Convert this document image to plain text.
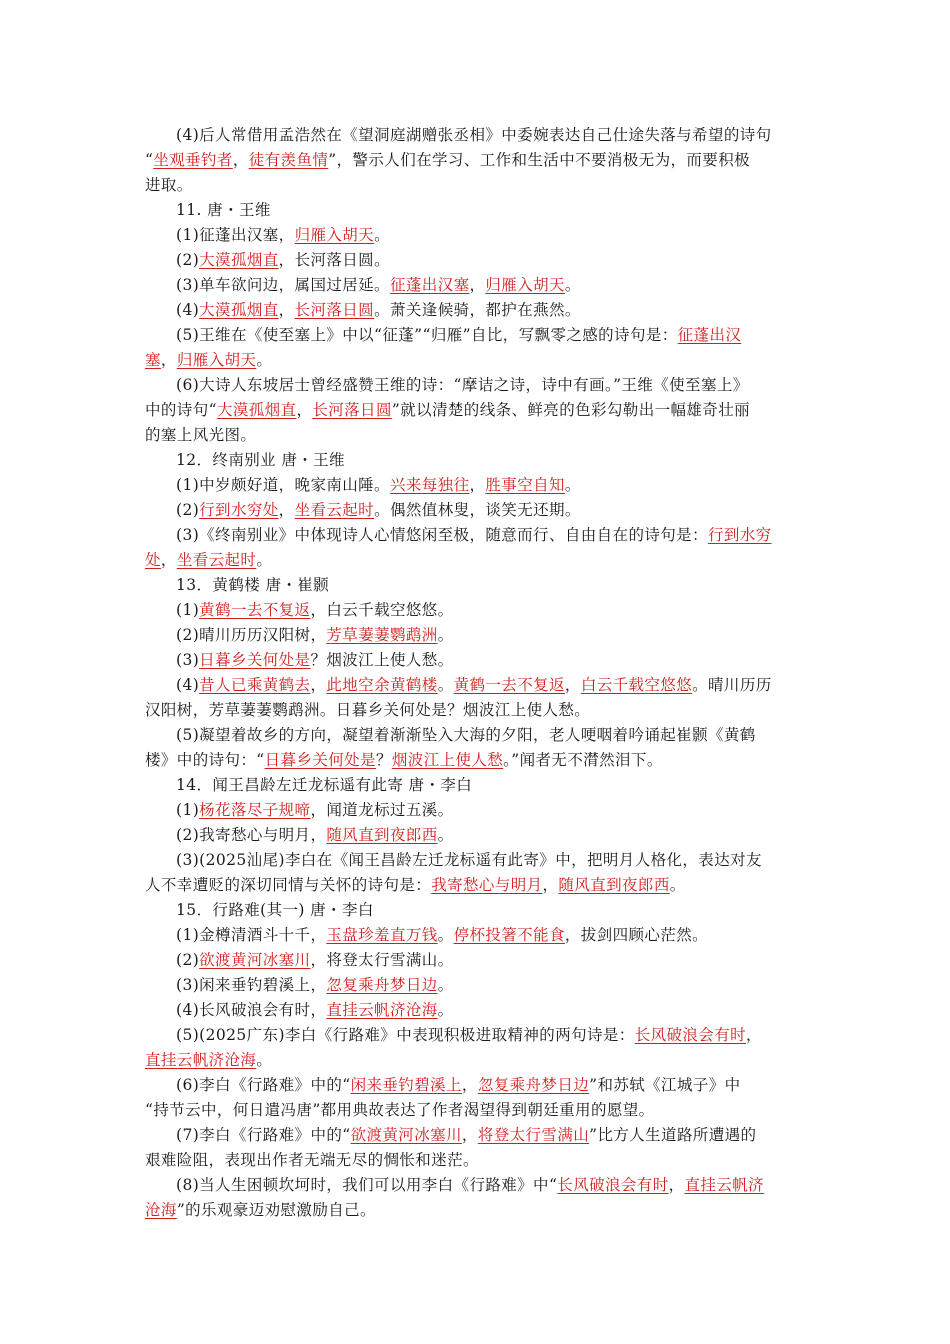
(4)后人常借用孟浩然在《望洞庭湖赠张丞相》中委婉表达自己仕途失落与希望的诗句
“坐观垂钓者，徒有羡鱼情”，警示人们在学习、工作和生活中不要消极无为，而要积极
进取。
11. 唐・王维
(1)征蓬出汉塞，归雁入胡天。
(2)大漠孤烟直，长河落日圆。
(3)单车欲问边，属国过居延。征蓬出汉塞，归雁入胡天。
(4)大漠孤烟直，长河落日圆。萧关逢候骑，都护在燕然。
(5)王维在《使至塞上》中以“征蓬”“归雁”自比，写飘零之感的诗句是：征蓬出汉
塞，归雁入胡天。
(6)大诗人东坡居士曾经盛赞王维的诗：“摩诘之诗，诗中有画。”王维《使至塞上》
中的诗句“大漠孤烟直，长河落日圆”就以清楚的线条、鲜亮的色彩勾勒出一幅雄奇壮丽
的塞上风光图。
12．终南别业 唐・王维
(1)中岁颇好道，晚家南山陲。兴来每独往，胜事空自知。
(2)行到水穷处，坐看云起时。偶然值林叟，谈笑无还期。
(3)《终南别业》中体现诗人心情悠闲至极，随意而行、自由自在的诗句是：行到水穷
处，坐看云起时。
13．黄鹤楼 唐・崔颢
(1)黄鹤一去不复返，白云千载空悠悠。
(2)晴川历历汉阳树，芳草萋萋鹦鹉洲。
(3)日暮乡关何处是？烟波江上使人愁。
(4)昔人已乘黄鹤去，此地空余黄鹤楼。黄鹤一去不复返，白云千载空悠悠。晴川历历
汉阳树，芳草萋萋鹦鹉洲。日暮乡关何处是？烟波江上使人愁。
(5)凝望着故乡的方向，凝望着渐渐坠入大海的夕阳，老人哽咽着吟诵起崔颢《黄鹤
楼》中的诗句：“日暮乡关何处是？烟波江上使人愁。”闻者无不潸然泪下。
14．闻王昌龄左迁龙标遥有此寄 唐・李白
(1)杨花落尽子规啼，闻道龙标过五溪。
(2)我寄愁心与明月，随风直到夜郎西。
(3)(2025汕尾)李白在《闻王昌龄左迁龙标遥有此寄》中，把明月人格化，表达对友
人不幸遭贬的深切同情与关怀的诗句是：我寄愁心与明月，随风直到夜郎西。
15．行路难(其一) 唐・李白
(1)金樽清酒斗十千，玉盘珍羞直万钱。停杯投箸不能食，拔剑四顾心茫然。
(2)欲渡黄河冰塞川，将登太行雪满山。
(3)闲来垂钓碧溪上，忽复乘舟梦日边。
(4)长风破浪会有时，直挂云帆济沧海。
(5)(2025广东)李白《行路难》中表现积极进取精神的两句诗是：长风破浪会有时，
直挂云帆济沧海。
(6)李白《行路难》中的“闲来垂钓碧溪上，忽复乘舟梦日边”和苏轼《江城子》中
“持节云中，何日遣冯唐”都用典故表达了作者渴望得到朝廷重用的愿望。
(7)李白《行路难》中的“欲渡黄河冰塞川，将登太行雪满山”比方人生道路所遭遇的
艰难险阻，表现出作者无端无尽的惆怅和迷茫。
(8)当人生困顿坎坷时，我们可以用李白《行路难》中“长风破浪会有时，直挂云帆济
沧海”的乐观豪迈劝慰激励自己。
